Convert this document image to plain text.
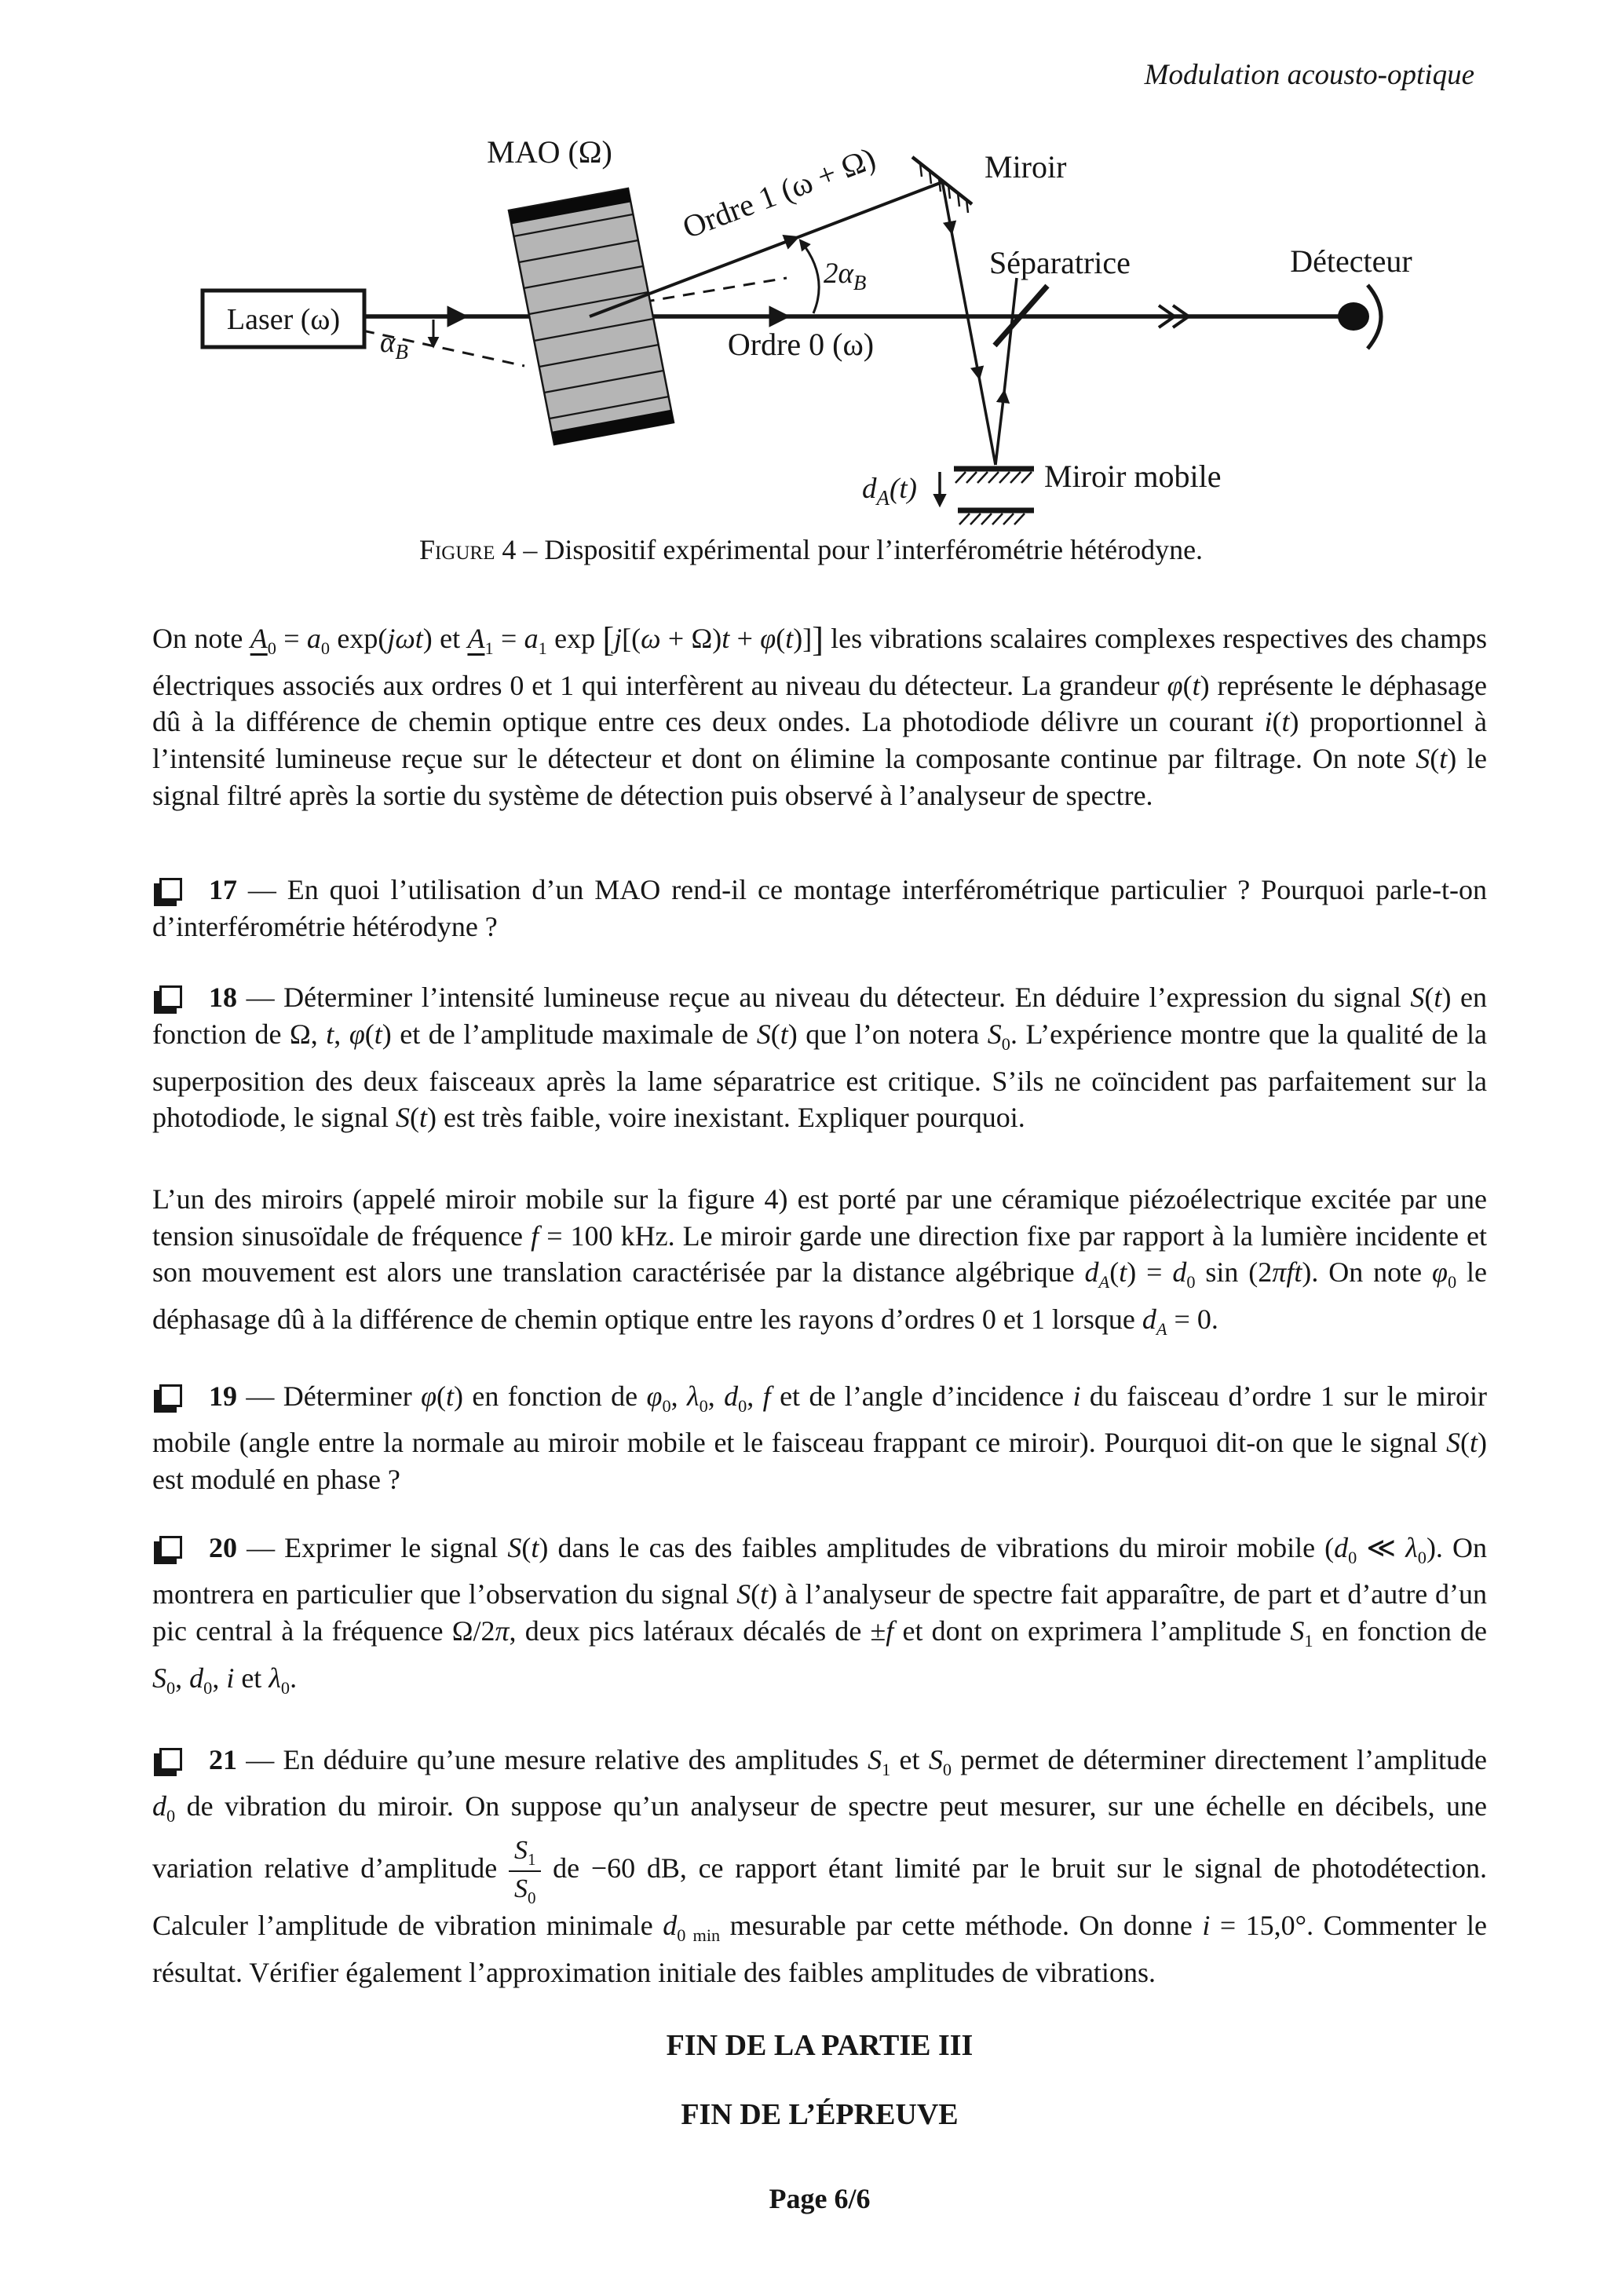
Modulation acousto-optique
Laser (ω)
MAO (Ω)	Miroir
Séparatrice	Détecteur
Miroir mobile
Ordre 1 (ω + Ω)
Ordre 0 (ω)
$\alpha_B$
$2\alpha_B$
$d_A(t)$
Figure 4 – Dispositif expérimental pour l’interférométrie hétérodyne.

On note $A_0 = a_0$ exp(jωt) et $A_1 = a_1$ exp [j[(ω + Ω)t + φ(t)]] les vibrations scalaires complexes respectives des champs électriques associés aux ordres 0 et 1 qui interfèrent au niveau du détecteur. La grandeur φ(t) représente le déphasage dû à la différence de chemin optique entre ces deux ondes. La photodiode délivre un courant i(t) proportionnel à l’intensité lumineuse reçue sur le détecteur et dont on élimine la composante continue par filtrage. On note S(t) le signal filtré après la sortie du système de détection puis observé à l’analyseur de spectre.

17 — En quoi l’utilisation d’un MAO rend-il ce montage interférométrique particulier ? Pourquoi parle-t-on d’interférométrie hétérodyne ?

18 — Déterminer l’intensité lumineuse reçue au niveau du détecteur. En déduire l’expression du signal S(t) en fonction de Ω, t, φ(t) et de l’amplitude maximale de S(t) que l’on notera $S_0$. L’expérience montre que la qualité de la superposition des deux faisceaux après la lame séparatrice est critique. S’ils ne coïncident pas parfaitement sur la photodiode, le signal S(t) est très faible, voire inexistant. Expliquer pourquoi.

L’un des miroirs (appelé miroir mobile sur la figure 4) est porté par une céramique piézoélectrique excitée par une tension sinusoïdale de fréquence f = 100 kHz. Le miroir garde une direction fixe par rapport à la lumière incidente et son mouvement est alors une translation caractérisée par la distance algébrique $d_A(t) = d_0$ sin (2πft). On note $\varphi_0$ le déphasage dû à la différence de chemin optique entre les rayons d’ordres 0 et 1 lorsque $d_A = 0$.

19 — Déterminer φ(t) en fonction de $\varphi_0$, $\lambda_0$, $d_0$, f et de l’angle d’incidence i du faisceau d’ordre 1 sur le miroir mobile (angle entre la normale au miroir mobile et le faisceau frappant ce miroir). Pourquoi dit-on que le signal S(t) est modulé en phase ?

20 — Exprimer le signal S(t) dans le cas des faibles amplitudes de vibrations du miroir mobile ($d_0$ ≪ $\lambda_0$). On montrera en particulier que l’observation du signal S(t) à l’analyseur de spectre fait apparaître, de part et d’autre d’un pic central à la fréquence Ω/2π, deux pics latéraux décalés de ±f et dont on exprimera l’amplitude $S_1$ en fonction de $S_0$, $d_0$, i et $\lambda_0$.

21 — En déduire qu’une mesure relative des amplitudes $S_1$ et $S_0$ permet de déterminer directement l’amplitude $d_0$ de vibration du miroir. On suppose qu’un analyseur de spectre peut mesurer, sur une échelle en décibels, une variation relative d’amplitude $\frac{S_1}{S_0}$ de −60 dB, ce rapport étant limité par le bruit sur le signal de photodétection. Calculer l’amplitude de vibration minimale $d_{0 min}$ mesurable par cette méthode. On donne i = 15,0°. Commenter le résultat. Vérifier également l’approximation initiale des faibles amplitudes de vibrations.

FIN DE LA PARTIE III
FIN DE L’ÉPREUVE
Page 6/6
